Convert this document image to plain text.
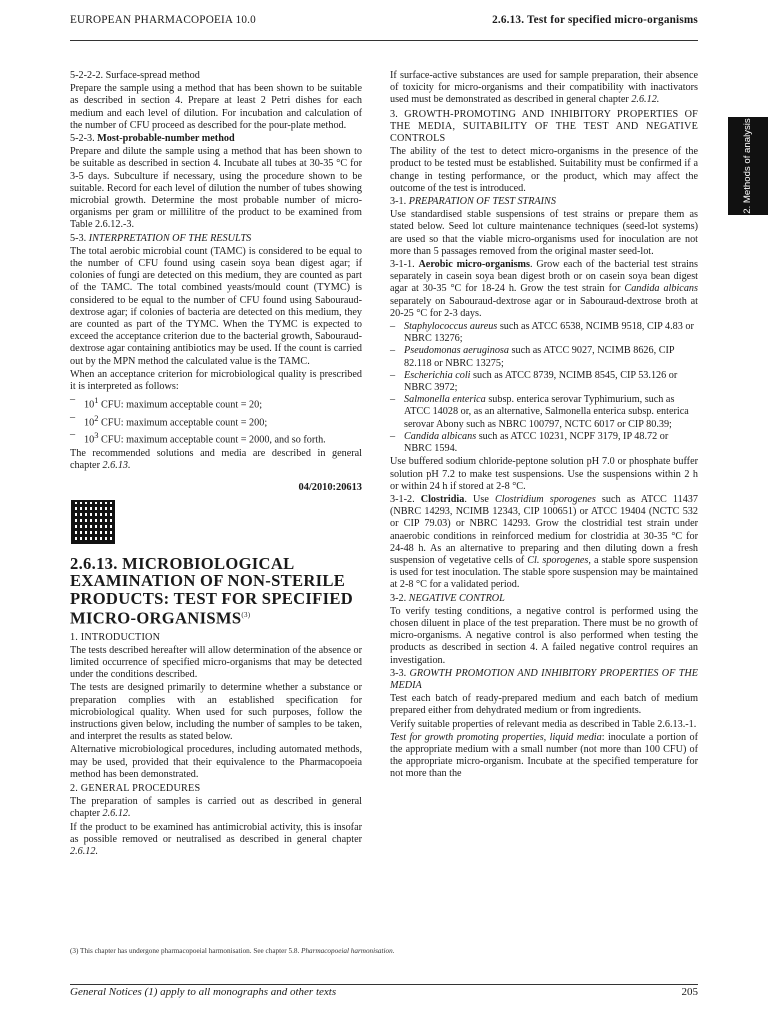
EUROPEAN PHARMACOPOEIA 10.0	2.6.13. Test for specified micro-organisms
2. Methods of analysis

5-2-2-2. Surface-spread method

Prepare the sample using a method that has been shown to be suitable as described in section 4. Prepare at least 2 Petri dishes for each medium and each level of dilution. For incubation and calculation of the number of CFU proceed as described for the pour-plate method.

5-2-3. Most-probable-number method

Prepare and dilute the sample using a method that has been shown to be suitable as described in section 4. Incubate all tubes at 30-35 °C for 3-5 days. Subculture if necessary, using the procedure shown to be suitable. Record for each level of dilution the number of tubes showing microbial growth. Determine the most probable number of micro-organisms per gram or millilitre of the product to be examined from Table 2.6.12.-3.

5-3. INTERPRETATION OF THE RESULTS

The total aerobic microbial count (TAMC) is considered to be equal to the number of CFU found using casein soya bean digest agar; if colonies of fungi are detected on this medium, they are counted as part of the TAMC. The total combined yeasts/mould count (TYMC) is considered to be equal to the number of CFU found using Sabouraud-dextrose agar; if colonies of bacteria are detected on this medium, they are counted as part of the TYMC. When the TYMC is expected to exceed the acceptance criterion due to the bacterial growth, Sabouraud-dextrose agar containing antibiotics may be used. If the count is carried out by the MPN method the calculated value is the TAMC.

When an acceptance criterion for microbiological quality is prescribed it is interpreted as follows:

– $10^1$ CFU: maximum acceptable count = 20;
– $10^2$ CFU: maximum acceptable count = 200;
– $10^3$ CFU: maximum acceptable count = 2000, and so forth.

The recommended solutions and media are described in general chapter 2.6.13.

04/2010:20613
2.6.13. MICROBIOLOGICAL EXAMINATION OF NON-STERILE PRODUCTS: TEST FOR SPECIFIED MICRO-ORGANISMS$^{(3)}$

1. INTRODUCTION

The tests described hereafter will allow determination of the absence or limited occurrence of specified micro-organisms that may be detected under the conditions described.

The tests are designed primarily to determine whether a substance or preparation complies with an established specification for microbiological quality. When used for such purposes, follow the instructions given below, including the number of samples to be taken, and interpret the results as stated below.

Alternative microbiological procedures, including automated methods, may be used, provided that their equivalence to the Pharmacopoeia method has been demonstrated.

2. GENERAL PROCEDURES

The preparation of samples is carried out as described in general chapter 2.6.12.

If the product to be examined has antimicrobial activity, this is insofar as possible removed or neutralised as described in general chapter 2.6.12.

If surface-active substances are used for sample preparation, their absence of toxicity for micro-organisms and their compatibility with inactivators used must be demonstrated as described in general chapter 2.6.12.

3. GROWTH-PROMOTING AND INHIBITORY PROPERTIES OF THE MEDIA, SUITABILITY OF THE TEST AND NEGATIVE CONTROLS

The ability of the test to detect micro-organisms in the presence of the product to be tested must be established. Suitability must be confirmed if a change in testing performance, or the product, which may affect the outcome of the test is introduced.

3-1. PREPARATION OF TEST STRAINS

Use standardised stable suspensions of test strains or prepare them as stated below. Seed lot culture maintenance techniques (seed-lot systems) are used so that the viable micro-organisms used for inoculation are not more than 5 passages removed from the original master seed-lot.

3-1-1. Aerobic micro-organisms. Grow each of the bacterial test strains separately in casein soya bean digest broth or on casein soya bean digest agar at 30-35 °C for 18-24 h. Grow the test strain for Candida albicans separately on Sabouraud-dextrose agar or in Sabouraud-dextrose broth at 20-25 °C for 2-3 days.

– Staphylococcus aureus such as ATCC 6538, NCIMB 9518, CIP 4.83 or NBRC 13276;
– Pseudomonas aeruginosa such as ATCC 9027, NCIMB 8626, CIP 82.118 or NBRC 13275;
– Escherichia coli such as ATCC 8739, NCIMB 8545, CIP 53.126 or NBRC 3972;
– Salmonella enterica subsp. enterica serovar Typhimurium, such as ATCC 14028 or, as an alternative, Salmonella enterica subsp. enterica serovar Abony such as NBRC 100797, NCTC 6017 or CIP 80.39;
– Candida albicans such as ATCC 10231, NCPF 3179, IP 48.72 or NBRC 1594.

Use buffered sodium chloride-peptone solution pH 7.0 or phosphate buffer solution pH 7.2 to make test suspensions. Use the suspensions within 2 h or within 24 h if stored at 2-8 °C.

3-1-2. Clostridia. Use Clostridium sporogenes such as ATCC 11437 (NBRC 14293, NCIMB 12343, CIP 100651) or ATCC 19404 (NCTC 532 or CIP 79.03) or NBRC 14293. Grow the clostridial test strain under anaerobic conditions in reinforced medium for clostridia at 30-35 °C for 24-48 h. As an alternative to preparing and then diluting down a fresh suspension of vegetative cells of Cl. sporogenes, a stable spore suspension is used for test inoculation. The stable spore suspension may be maintained at 2-8 °C for a validated period.

3-2. NEGATIVE CONTROL

To verify testing conditions, a negative control is performed using the chosen diluent in place of the test preparation. There must be no growth of micro-organisms. A negative control is also performed when testing the products as described in section 4. A failed negative control requires an investigation.

3-3. GROWTH PROMOTION AND INHIBITORY PROPERTIES OF THE MEDIA

Test each batch of ready-prepared medium and each batch of medium prepared either from dehydrated medium or from ingredients.

Verify suitable properties of relevant media as described in Table 2.6.13.-1.

Test for growth promoting properties, liquid media: inoculate a portion of the appropriate medium with a small number (not more than 100 CFU) of the appropriate micro-organism. Incubate at the specified temperature for not more than the

(3) This chapter has undergone pharmacopoeial harmonisation. See chapter 5.8. Pharmacopoeial harmonisation.
General Notices (1) apply to all monographs and other texts	205
